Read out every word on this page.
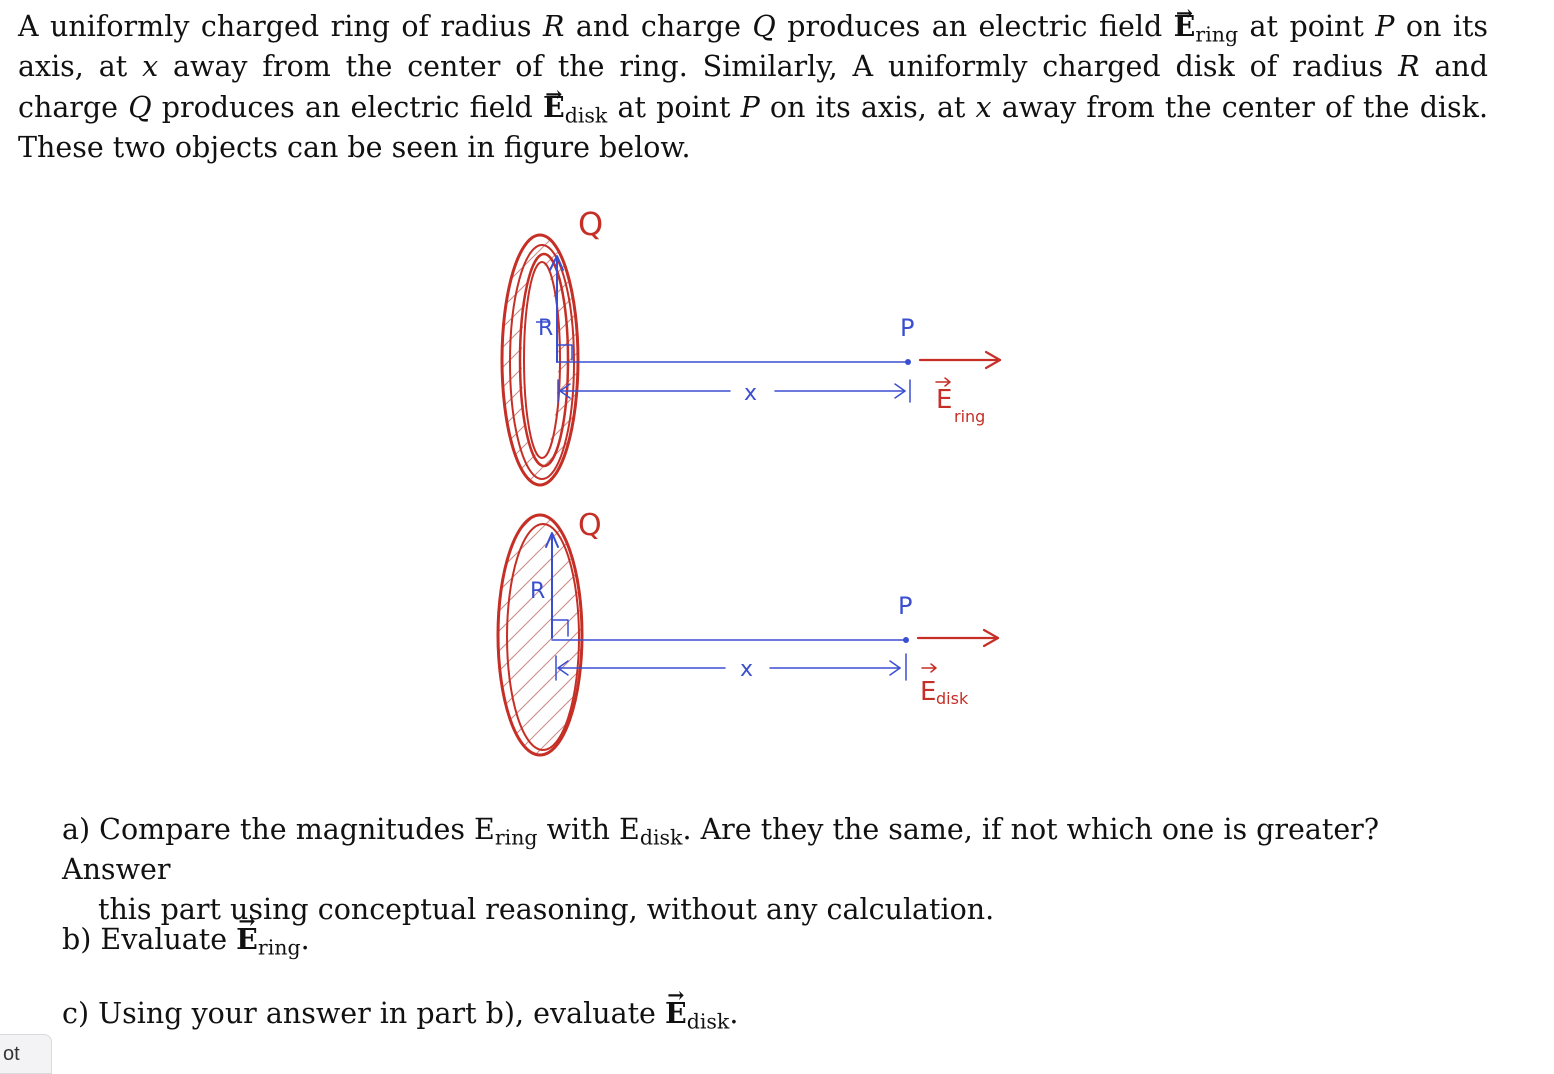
A uniformly charged ring of radius R and charge Q produces an electric field → $E_{ring}$ at point P on its axis, at x away from the center of the ring. Similarly, A uniformly charged disk of radius R and charge Q produces an electric field → $E_{disk}$ at point P on its axis, at x away from the center of the disk. These two objects can be seen in figure below.
R	P
x	E
ring
Q
R
P
x
E disk
Q
a) Compare the magnitudes $E_{ring}$ with $E_{disk}$. Are they the same, if not which one is greater? Answer
this part using conceptual reasoning, without any calculation.
b) Evaluate → $E_{ring}$.
c) Using your answer in part b), evaluate → $E_{disk}$.
ot
